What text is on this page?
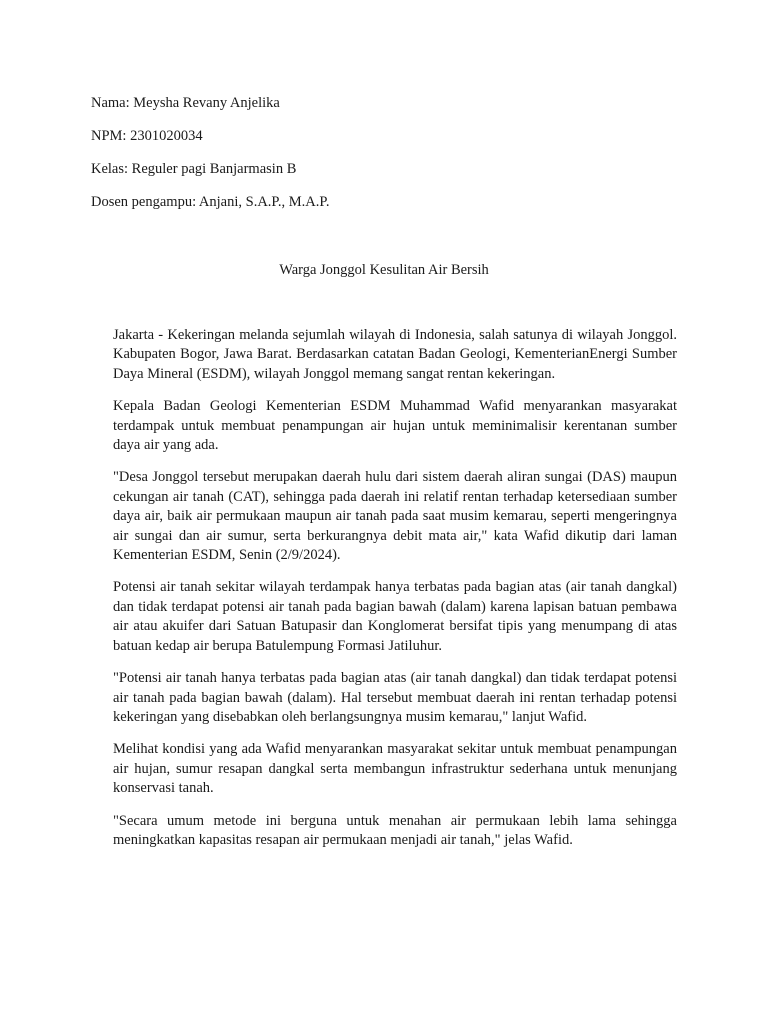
Nama: Meysha Revany Anjelika

NPM: 2301020034

Kelas: Reguler pagi Banjarmasin B

Dosen pengampu: Anjani, S.A.P., M.A.P.

Warga Jonggol Kesulitan Air Bersih

Jakarta - Kekeringan melanda sejumlah wilayah di Indonesia, salah satunya di wilayah Jonggol. Kabupaten Bogor, Jawa Barat. Berdasarkan catatan Badan Geologi, KementerianEnergi Sumber Daya Mineral (ESDM), wilayah Jonggol memang sangat rentan kekeringan.

Kepala Badan Geologi Kementerian ESDM Muhammad Wafid menyarankan masyarakat terdampak untuk membuat penampungan air hujan untuk meminimalisir kerentanan sumber daya air yang ada.

"Desa Jonggol tersebut merupakan daerah hulu dari sistem daerah aliran sungai (DAS) maupun cekungan air tanah (CAT), sehingga pada daerah ini relatif rentan terhadap ketersediaan sumber daya air, baik air permukaan maupun air tanah pada saat musim kemarau, seperti mengeringnya air sungai dan air sumur, serta berkurangnya debit mata air," kata Wafid dikutip dari laman Kementerian ESDM, Senin (2/9/2024).

Potensi air tanah sekitar wilayah terdampak hanya terbatas pada bagian atas (air tanah dangkal) dan tidak terdapat potensi air tanah pada bagian bawah (dalam) karena lapisan batuan pembawa air atau akuifer dari Satuan Batupasir dan Konglomerat bersifat tipis yang menumpang di atas batuan kedap air berupa Batulempung Formasi Jatiluhur.

"Potensi air tanah hanya terbatas pada bagian atas (air tanah dangkal) dan tidak terdapat potensi air tanah pada bagian bawah (dalam). Hal tersebut membuat daerah ini rentan terhadap potensi kekeringan yang disebabkan oleh berlangsungnya musim kemarau," lanjut Wafid.

Melihat kondisi yang ada Wafid menyarankan masyarakat sekitar untuk membuat penampungan air hujan, sumur resapan dangkal serta membangun infrastruktur sederhana untuk menunjang konservasi tanah.

"Secara umum metode ini berguna untuk menahan air permukaan lebih lama sehingga meningkatkan kapasitas resapan air permukaan menjadi air tanah," jelas Wafid.
